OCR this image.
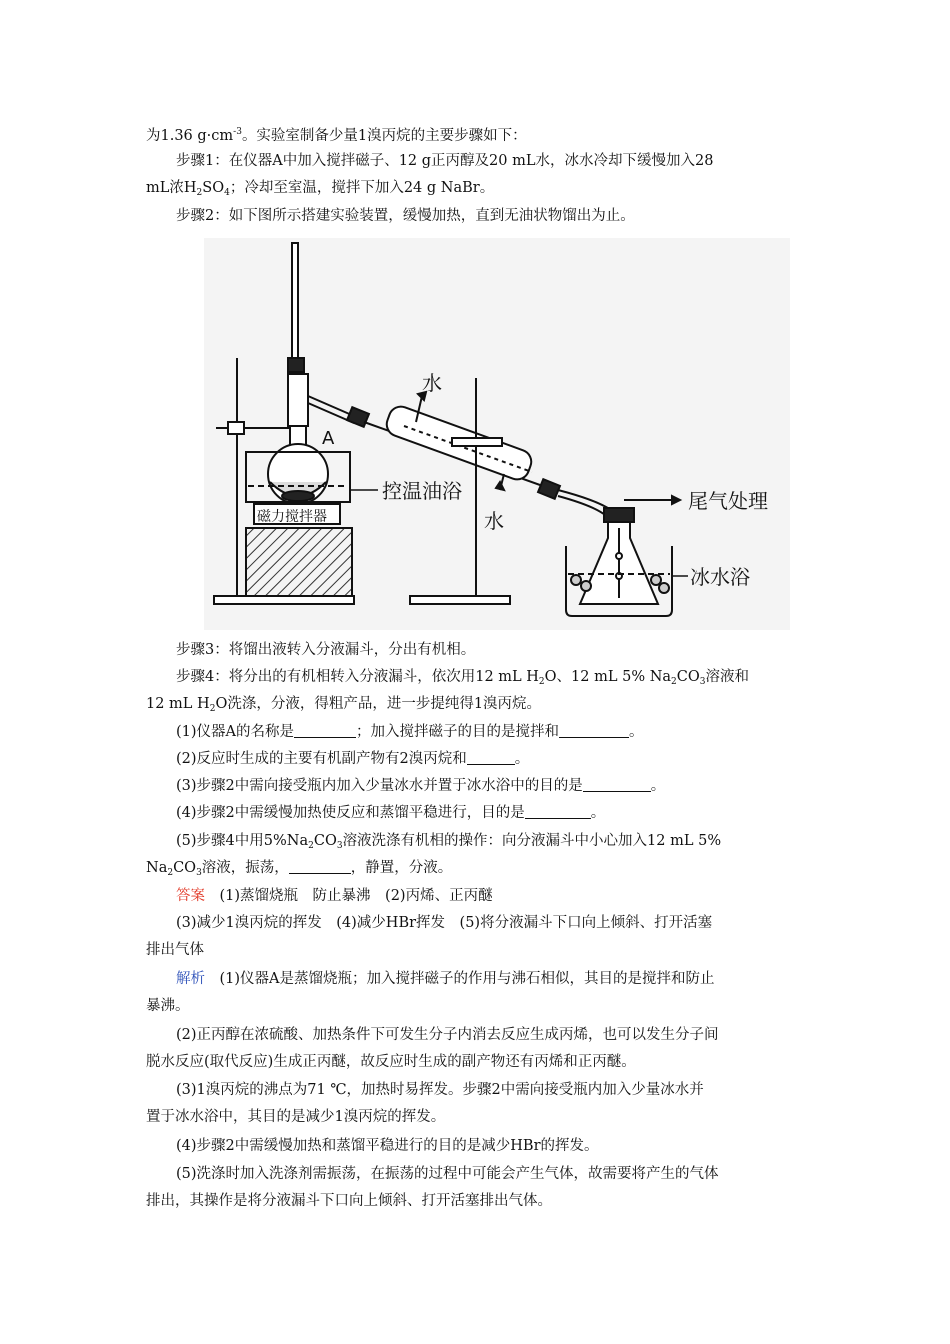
为1.36 $g\cdot cm^{-3}$。实验室制备少量1溴丙烷的主要步骤如下：
步骤1：在仪器A中加入搅拌磁子、12 g正丙醇及20 mL水，冰水冷却下缓慢加入28
mL浓$H_2SO_4$；冷却至室温，搅拌下加入24 g NaBr。
步骤2：如下图所示搭建实验装置，缓慢加热，直到无油状物馏出为止。
A
控温油浴
磁力搅拌器
水
水
尾气处理
冰水浴
步骤3：将馏出液转入分液漏斗，分出有机相。
步骤4：将分出的有机相转入分液漏斗，依次用12 mL $H_2O$、12 mL 5% $Na_2CO_3$溶液和
12 mL $H_2O$洗涤，分液，得粗产品，进一步提纯得1溴丙烷。
(1)仪器A的名称是	；加入搅拌磁子的目的是搅拌和	。
(2)反应时生成的主要有机副产物有2溴丙烷和	。
(3)步骤2中需向接受瓶内加入少量冰水并置于冰水浴中的目的是	。
(4)步骤2中需缓慢加热使反应和蒸馏平稳进行，目的是	。
(5)步骤4中用$5\%Na_2CO_3$溶液洗涤有机相的操作：向分液漏斗中小心加入12 mL 5%
$Na_2CO_3$溶液，振荡，	，静置，分液。
答案　 (1)蒸馏烧瓶　防止暴沸　(2)丙烯、正丙醚
(3)减少1溴丙烷的挥发　(4)减少HBr挥发　(5)将分液漏斗下口向上倾斜、打开活塞
排出气体
解析　 (1)仪器A是蒸馏烧瓶；加入搅拌磁子的作用与沸石相似，其目的是搅拌和防止
暴沸。
(2)正丙醇在浓硫酸、加热条件下可发生分子内消去反应生成丙烯，也可以发生分子间
脱水反应(取代反应)生成正丙醚，故反应时生成的副产物还有丙烯和正丙醚。
(3)1溴丙烷的沸点为71 ℃，加热时易挥发。步骤2中需向接受瓶内加入少量冰水并
置于冰水浴中，其目的是减少1溴丙烷的挥发。
(4)步骤2中需缓慢加热和蒸馏平稳进行的目的是减少HBr的挥发。
(5)洗涤时加入洗涤剂需振荡，在振荡的过程中可能会产生气体，故需要将产生的气体
排出，其操作是将分液漏斗下口向上倾斜、打开活塞排出气体。
